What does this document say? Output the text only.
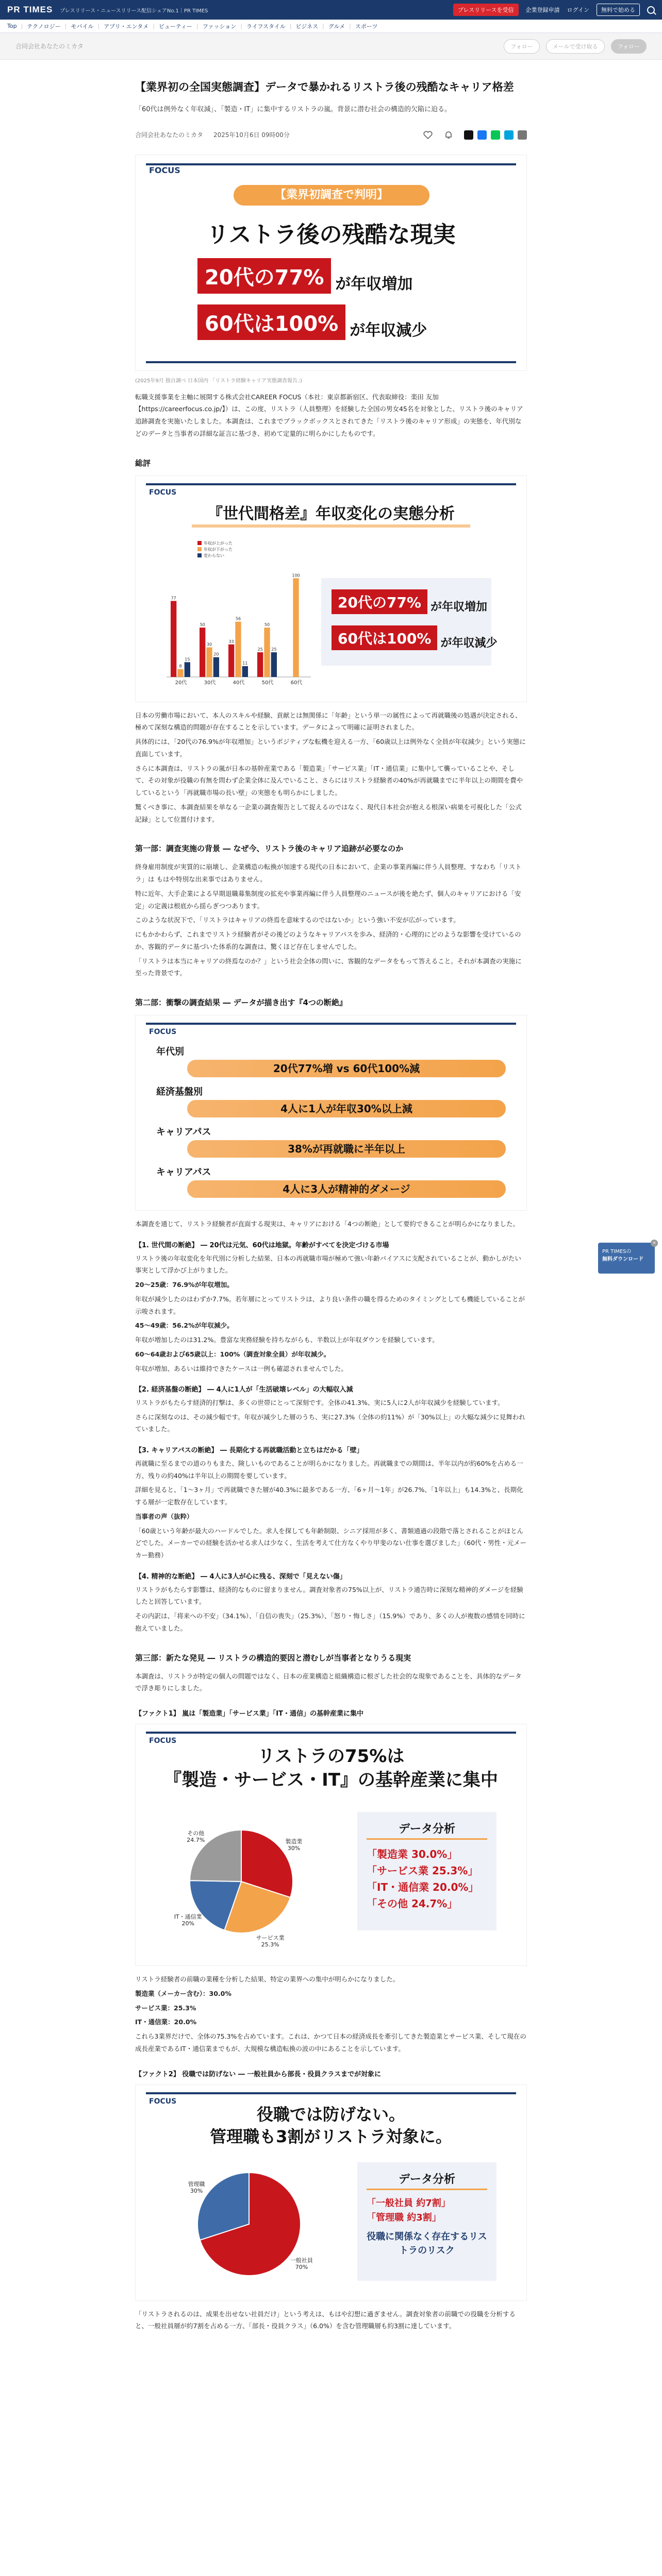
PR TIMES プレスリリース・ニュースリリース配信シェアNo.1｜PR TIMES	プレスリリースを受信	企業登録申請 ログイン	無料で始める
Top | テクノロジー | モバイル | アプリ・エンタメ | ビューティー | ファッション | ライフスタイル | ビジネス | グルメ | スポーツ
合同会社あなたのミカタ	フォロー	メールで受け取る	フォロー
【業界初の全国実態調査】データで暴かれるリストラ後の残酷なキャリア格差

「60代は例外なく年収減」、「製造・IT」に集中するリストラの嵐。背景に潜む社会の構造的欠陥に迫る。

合同会社あなたのミカタ 2025年10月6日 09時00分
FOCUS
【業界初調査で判明】
リストラ後の残酷な現実
20代の77% が年収増加
60代は100% が年収減少

(2025年9月 独自調べ 日本国内 「リストラ経験キャリア実態調査報告」)

転職支援事業を主軸に展開する株式会社CAREER FOCUS（本社：東京都新宿区、代表取締役：楽田 友加【https://careerfocus.co.jp/】）は、この度、リストラ（人員整理）を経験した全国の男女45名を対象とした、リストラ後のキャリア追跡調査を実施いたしました。本調査は、これまでブラックボックスとされてきた「リストラ後のキャリア形成」の実態を、年代別などのデータと当事者の詳細な証言に基づき、初めて定量的に明らかにしたものです。

総評
FOCUS
『世代間格差』年収変化の実態分析
年収が上がった
年収が下がった
変わらない
77
8
15
20代
50
30
20
30代
33
56
11
40代
25
50
25
50代
100
60代
20代の77% が年収増加
60代は100% が年収減少

日本の労働市場において、本人のスキルや経験、貢献とは無関係に「年齢」という単一の属性によって再就職後の処遇が決定される、極めて深刻な構造的問題が存在することを示しています。データによって明確に証明されました。

具体的には、「20代の76.9%が年収増加」というポジティブな転機を迎える一方、「60歳以上は例外なく全員が年収減少」という実態に直面しています。

さらに本調査は、リストラの嵐が日本の基幹産業である「製造業」「サービス業」「IT・通信業」に集中して襲っていることや、そして、その対象が役職の有無を問わず企業全体に及んでいること、さらにはリストラ経験者の40%が再就職までに半年以上の期間を費やしているという「再就職市場の長い壁」の実態をも明らかにしました。

驚くべき事に、本調査結果を単なる一企業の調査報告として捉えるのではなく、現代日本社会が抱える根深い病巣を可視化した「公式記録」として位置付けます。

第一部：調査実施の背景 ― なぜ今、リストラ後のキャリア追跡が必要なのか

終身雇用制度が実質的に崩壊し、企業構造の転換が加速する現代の日本において、企業の事業再編に伴う人員整理、すなわち「リストラ」は もはや特別な出来事ではありません。

特に近年、大手企業による早期退職募集制度の拡充や事業再編に伴う人員整理のニュースが後を絶たず、個人のキャリアにおける「安定」の定義は根底から揺らぎつつあります。

このような状況下で、「リストラはキャリアの終焉を意味するのではないか」という強い不安が広がっています。

にもかかわらず、これまでリストラ経験者がその後どのようなキャリアパスを歩み、経済的・心理的にどのような影響を受けているのか、客観的データに基づいた体系的な調査は、驚くほど存在しませんでした。

「リストラは本当にキャリアの終焉なのか？」という社会全体の問いに、客観的なデータをもって答えること。それが本調査の実施に至った背景です。

第二部：衝撃の調査結果 ― データが描き出す『4つの断絶』
FOCUS
年代別
20代77%増 vs 60代100%減
経済基盤別
4人に1人が年収30%以上減
キャリアパス
38%が再就職に半年以上
キャリアパス
4人に3人が精神的ダメージ

本調査を通じて、リストラ経験者が直面する現実は、キャリアにおける「4つの断絶」として要約できることが明らかになりました。

【1. 世代間の断絶】 ― 20代は元気、60代は地獄。年齢がすべてを決定づける市場

リストラ後の年収変化を年代別に分析した結果、日本の再就職市場が極めて強い年齢バイアスに支配されていることが、動かしがたい事実として浮かび上がりました。

20〜25歳：76.9%が年収増加。

年収が減少したのはわずか7.7%。若年層にとってリストラは、より良い条件の職を得るためのタイミングとしても機能していることが示唆されます。

45〜49歳：56.2%が年収減少。

年収が増加したのは31.2%。豊富な実務経験を持ちながらも、半数以上が年収ダウンを経験しています。

60〜64歳および65歳以上：100%（調査対象全員）が年収減少。

年収が増加、あるいは維持できたケースは一例も確認されませんでした。

【2. 経済基盤の断絶】 ― 4人に1人が「生活破壊レベル」の大幅収入減

リストラがもたらす経済的打撃は、多くの世帯にとって深刻です。全体の41.3%、実に5人に2人が年収減少を経験しています。

さらに深刻なのは、その減少幅です。年収が減少した層のうち、実に27.3%（全体の約11%）が「30%以上」の大幅な減少に見舞われていました。

【3. キャリアパスの断絶】 ― 長期化する再就職活動と立ちはだかる「壁」

再就職に至るまでの道のりもまた、険しいものであることが明らかになりました。再就職までの期間は、半年以内が約60%を占める一方、残りの約40%は半年以上の期間を要しています。

詳細を見ると、「1〜3ヶ月」で再就職できた層が40.3%に最多である一方、「6ヶ月〜1年」が26.7%、「1年以上」も14.3%と、長期化する層が一定数存在しています。

当事者の声（抜粋）

「60歳という年齢が最大のハードルでした。求人を探しても年齢制限、シニア採用が多く、書類通過の段階で落とされることがほとんどでした。メーカーでの経験を活かせる求人は少なく、生活を考えて仕方なくやり甲斐のない仕事を選びました」（60代・男性・元メーカー勤務）

【4. 精神的な断絶】 ― 4人に3人が心に残る、深刻で「見えない傷」

リストラがもたらす影響は、経済的なものに留まりません。調査対象者の75%以上が、リストラ通告時に深刻な精神的ダメージを経験したと回答しています。

その内訳は、「将来への不安」（34.1%）、「自信の喪失」（25.3%）、「怒り・悔しさ」（15.9%）であり、多くの人が複数の感情を同時に抱えていました。

第三部：新たな発見 ― リストラの構造的要因と潜むしが当事者となりうる現実

本調査は、リストラが特定の個人の問題ではなく、日本の産業構造と組織構造に根ざした社会的な現象であることを、具体的なデータで浮き彫りにしました。

【ファクト1】 嵐は「製造業」「サービス業」「IT・通信」の基幹産業に集中
FOCUS
リストラの75%は
『製造・サービス・IT』の基幹産業に集中
製造業
30%
サービス業
25.3%
IT・通信業
20%
その他
24.7%
データ分析
「製造業 30.0%」
「サービス業 25.3%」
「IT・通信業 20.0%」
「その他 24.7%」

リストラ経験者の前職の業種を分析した結果、特定の業界への集中が明らかになりました。

製造業（メーカー含む）：30.0%

サービス業：25.3%

IT・通信業：20.0%

これら3業界だけで、全体の75.3%を占めています。これは、かつて日本の経済成長を牽引してきた製造業とサービス業、そして現在の成長産業であるIT・通信業までもが、大規模な構造転換の波の中にあることを示しています。

【ファクト2】 役職では防げない ― 一般社員から部長・役員クラスまでが対象に
FOCUS
役職では防げない。
管理職も3割がリストラ対象に。
一般社員
70%
管理職
30%
データ分析
「一般社員 約7割」
「管理職 約3割」
役職に関係なく存在するリストラのリスク

「リストラされるのは、成果を出せない社員だけ」という考えは、もはや幻想に過ぎません。調査対象者の前職での役職を分析すると、一般社員層が約7割を占める一方、「部長・役員クラス」（6.0%）を含む管理職層も約3割に達しています。

PR TIMESの
無料ダウンロード
×
